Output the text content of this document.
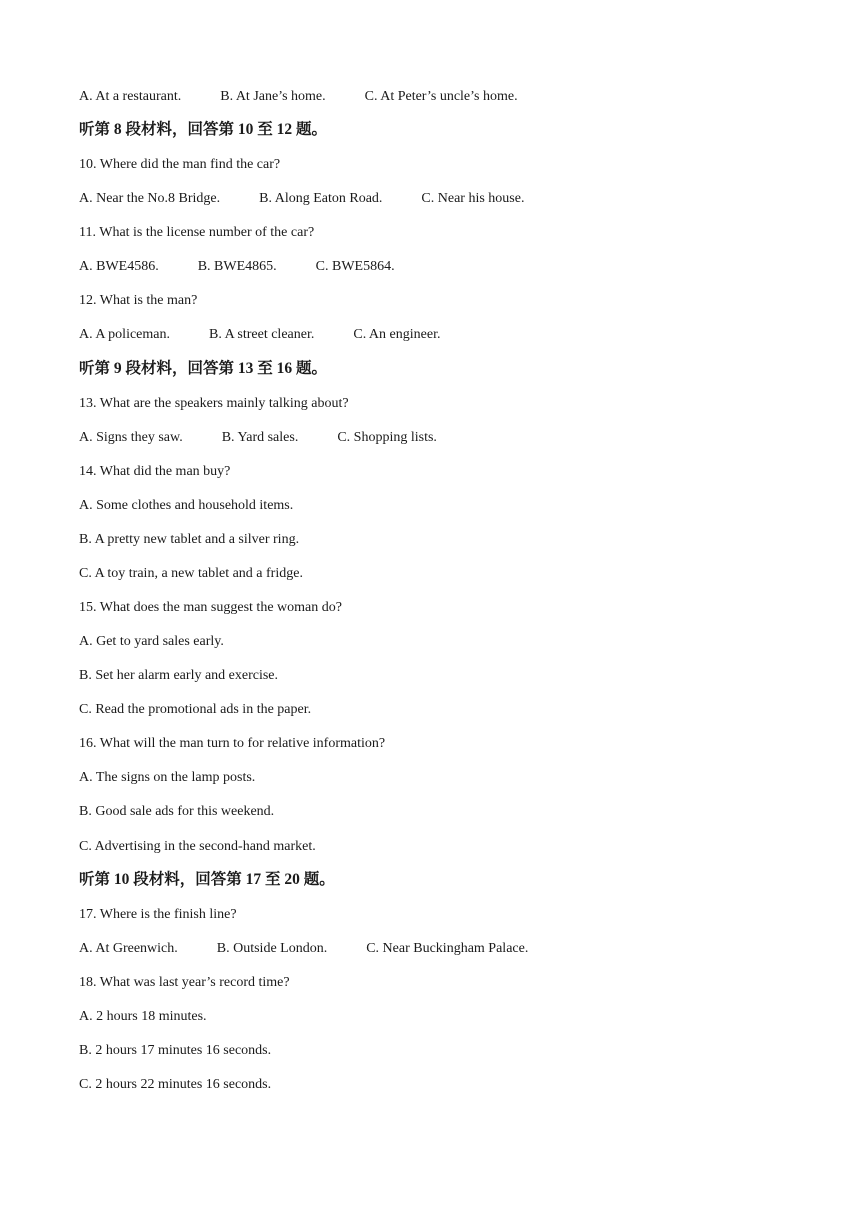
A. At a restaurant.	B. At Jane’s home.	C. At Peter’s uncle’s home.
听第 8 段材料，回答第 10 至 12 题。
10. Where did the man find the car?
A. Near the No.8 Bridge.	B. Along Eaton Road.	C. Near his house.
11. What is the license number of the car?
A. BWE4586.	B. BWE4865.	C. BWE5864.
12. What is the man?
A. A policeman.	B. A street cleaner.	C. An engineer.
听第 9 段材料，回答第 13 至 16 题。
13. What are the speakers mainly talking about?
A. Signs they saw.	B. Yard sales.	C. Shopping lists.
14. What did the man buy?
A. Some clothes and household items.
B. A pretty new tablet and a silver ring.
C. A toy train, a new tablet and a fridge.
15. What does the man suggest the woman do?
A. Get to yard sales early.
B. Set her alarm early and exercise.
C. Read the promotional ads in the paper.
16. What will the man turn to for relative information?
A. The signs on the lamp posts.
B. Good sale ads for this weekend.
C. Advertising in the second-hand market.
听第 10 段材料，回答第 17 至 20 题。
17. Where is the finish line?
A. At Greenwich.	B. Outside London.	C. Near Buckingham Palace.
18. What was last year’s record time?
A. 2 hours 18 minutes.
B. 2 hours 17 minutes 16 seconds.
C. 2 hours 22 minutes 16 seconds.
